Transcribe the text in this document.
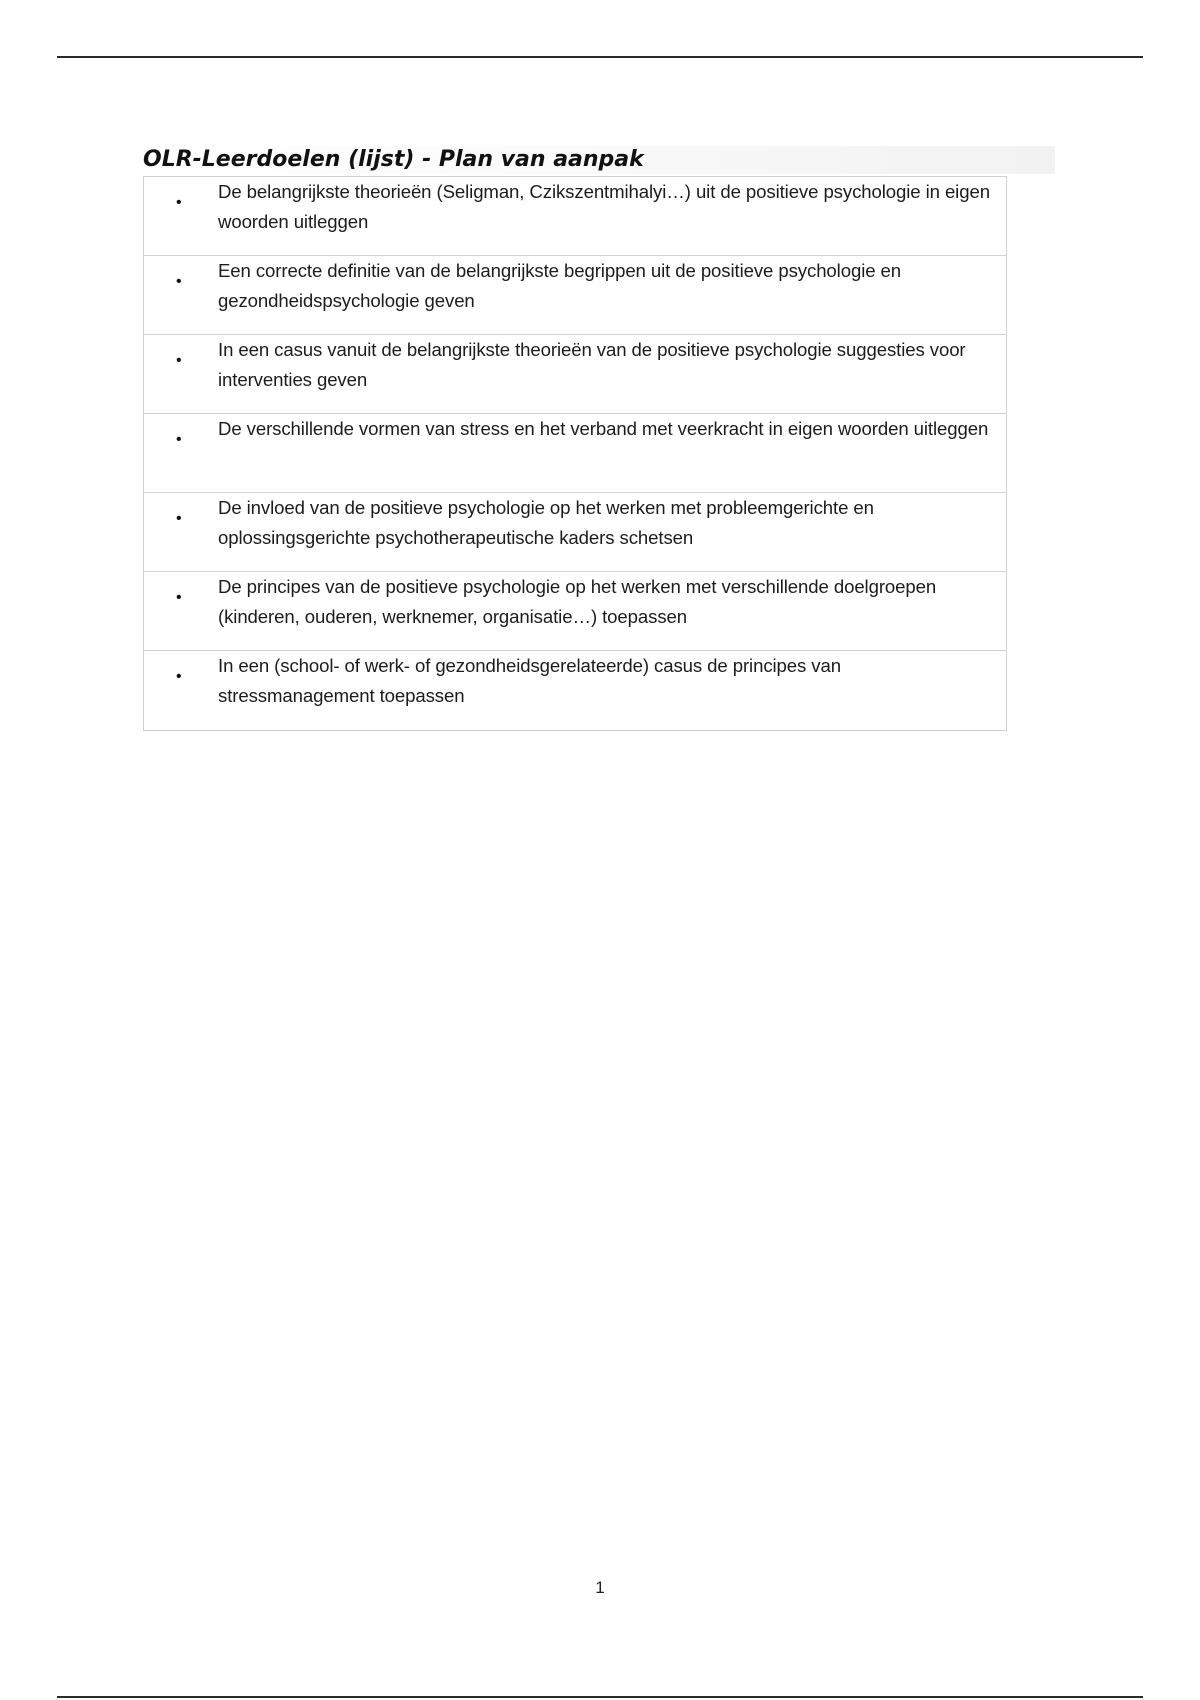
OLR-Leerdoelen (lijst) - Plan van aanpak
•
De belangrijkste theorieën (Seligman, Czikszentmihalyi…) uit de positieve psychologie in eigen woorden uitleggen
•
Een correcte definitie van de belangrijkste begrippen uit de positieve psychologie en gezondheidspsychologie geven
•
In een casus vanuit de belangrijkste theorieën van de positieve psychologie suggesties voor interventies geven
•
De verschillende vormen van stress en het verband met veerkracht in eigen woorden uitleggen
•
De invloed van de positieve psychologie op het werken met probleemgerichte en oplossingsgerichte psychotherapeutische kaders schetsen
•
De principes van de positieve psychologie op het werken met verschillende doelgroepen (kinderen, ouderen, werknemer, organisatie…) toepassen
•
In een (school- of werk- of gezondheidsgerelateerde) casus de principes van stressmanagement toepassen
1
